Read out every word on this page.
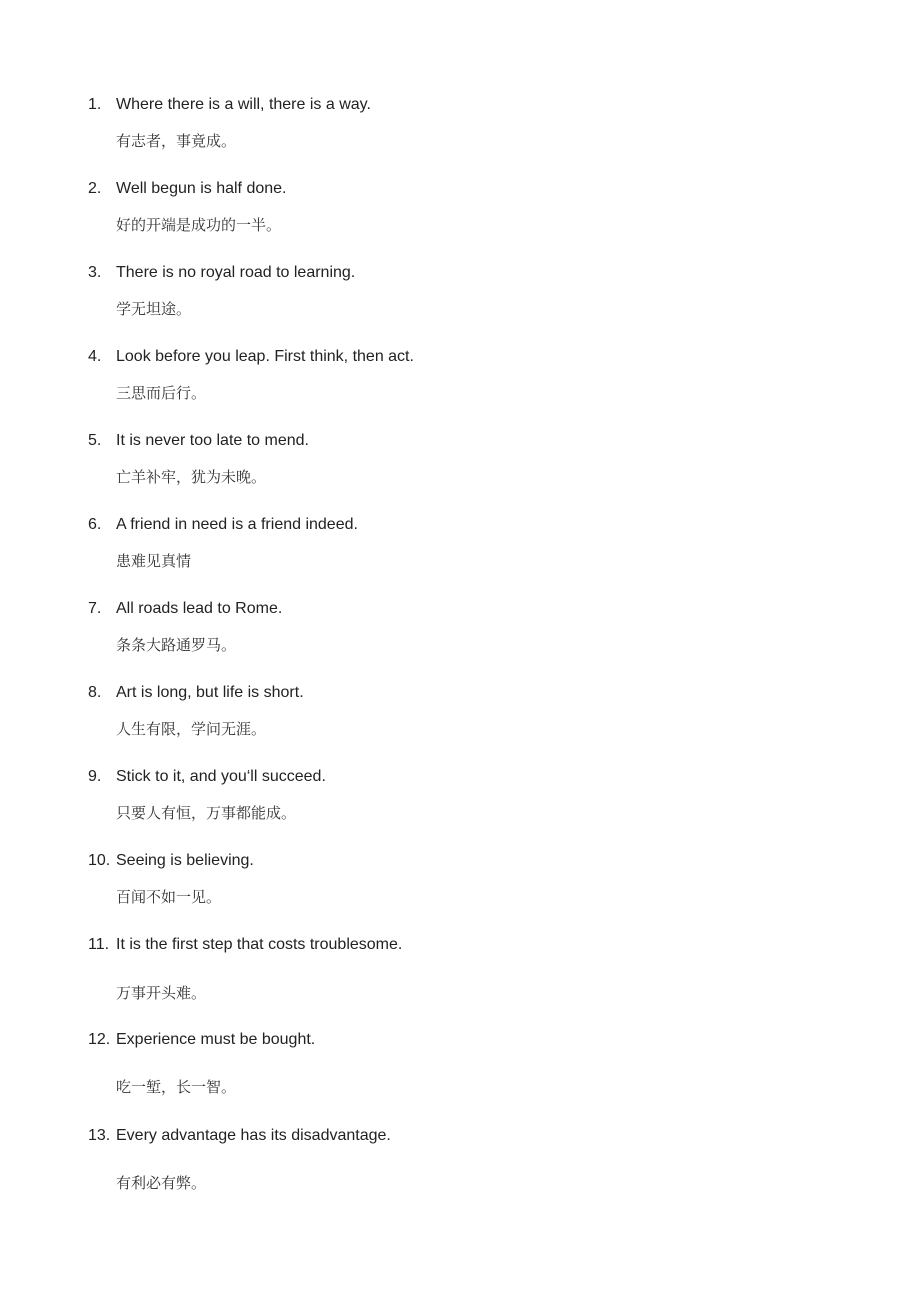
1. Where there is a will, there is a way.
有志者，事竟成。
2. Well begun is half done.
好的开端是成功的一半。
3. There is no royal road to learning.
学无坦途。
4. Look before you leap. First think, then act.
三思而后行。
5. It is never too late to mend.
亡羊补牢，犹为未晚。
6. A friend in need is a friend indeed.
患难见真情
7. All roads lead to Rome.
条条大路通罗马。
8. Art is long, but life is short.
人生有限，学问无涯。
9. Stick to it, and you‘ll succeed.
只要人有恒，万事都能成。
10. Seeing is believing.
百闻不如一见。
11. It is the first step that costs troublesome.
万事开头难。
12. Experience must be bought.
吃一堑，长一智。
13. Every advantage has its disadvantage.
有利必有弊。
